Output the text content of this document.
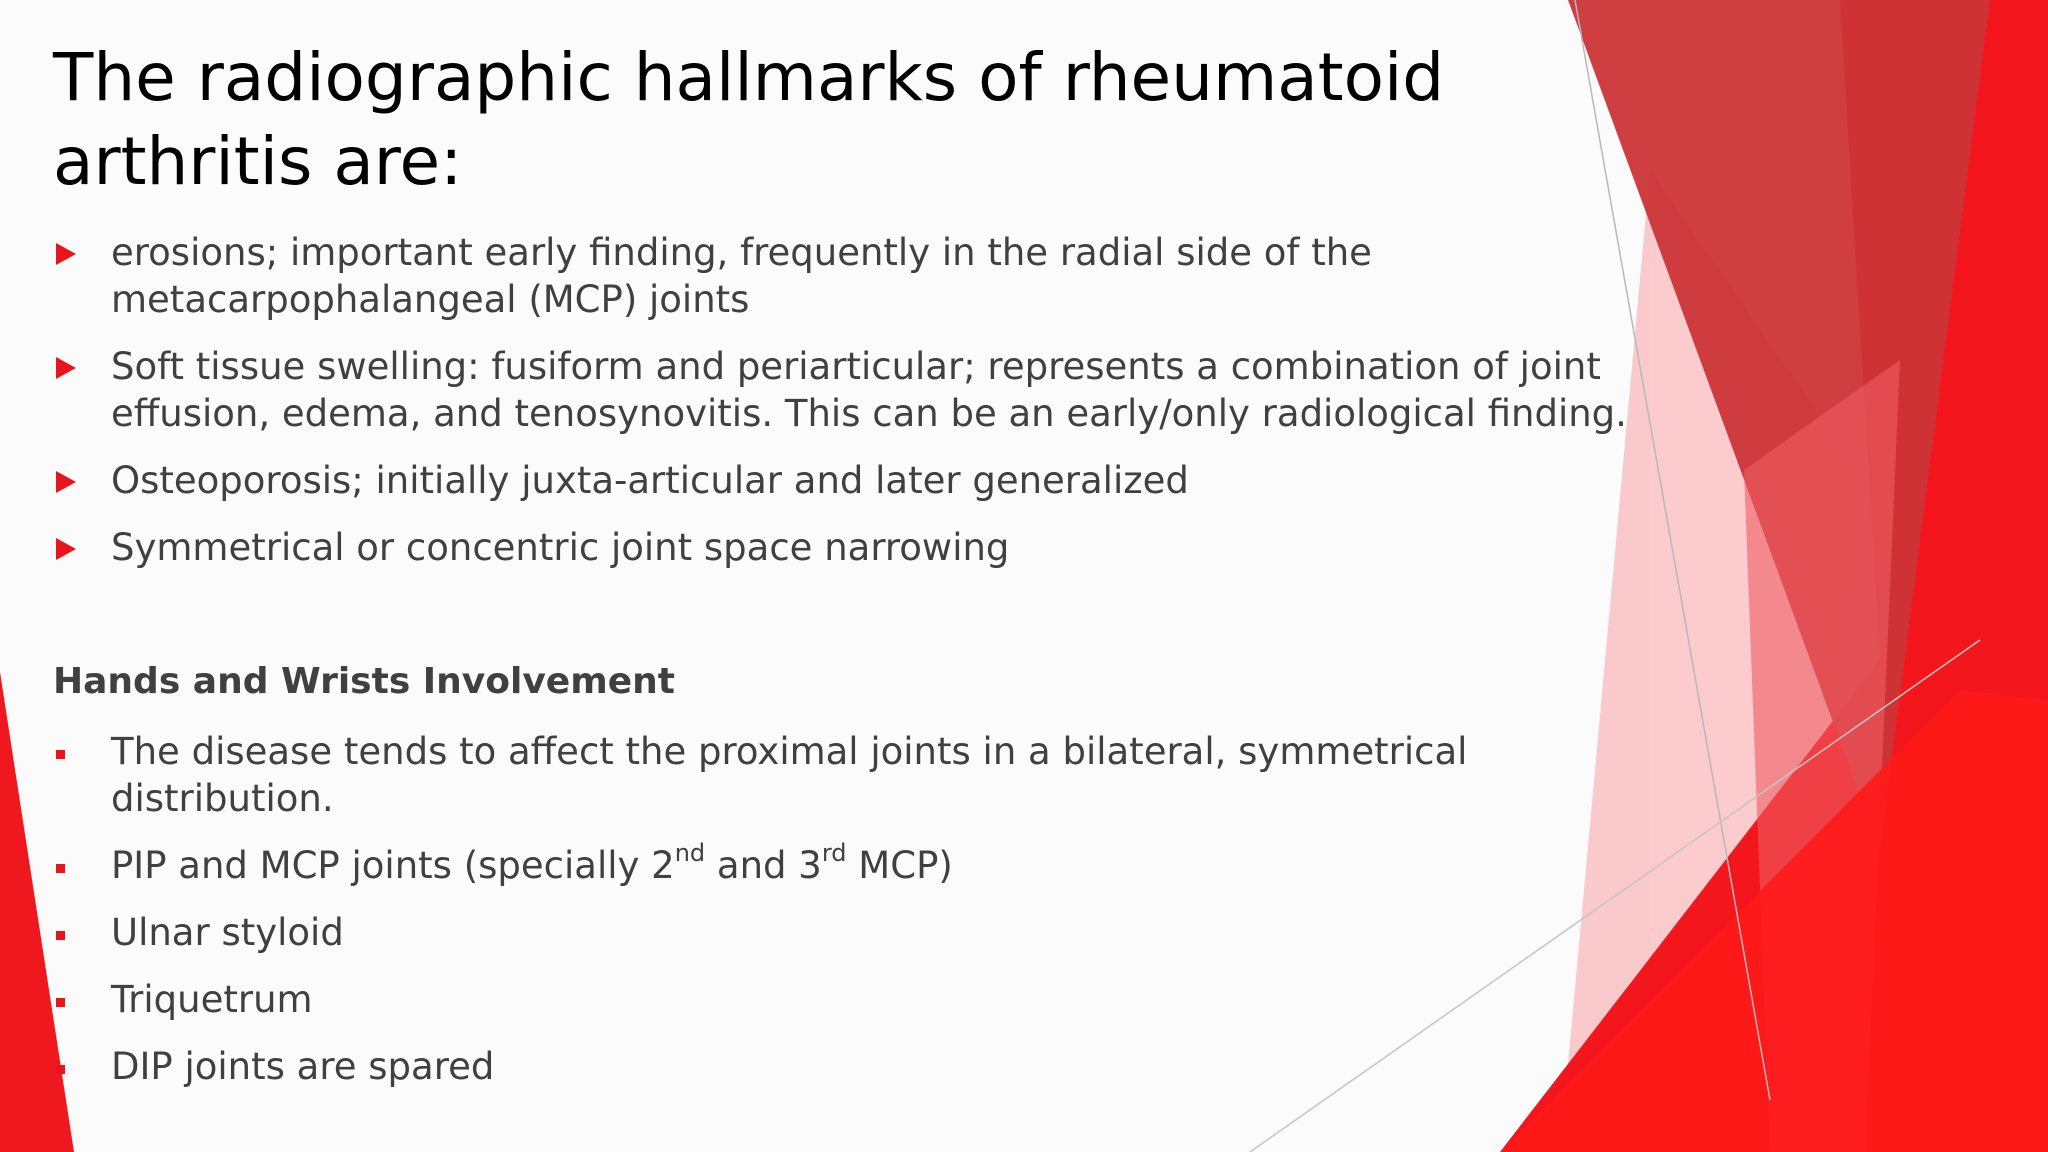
The radiographic hallmarks of rheumatoid arthritis are:
erosions; important early finding, frequently in the radial side of the metacarpophalangeal (MCP) joints
Soft tissue swelling: fusiform and periarticular; represents a combination of joint effusion, edema, and tenosynovitis. This can be an early/only radiological finding.
Osteoporosis; initially juxta-articular and later generalized
Symmetrical or concentric joint space narrowing
Hands and Wrists Involvement
The disease tends to affect the proximal joints in a bilateral, symmetrical distribution.
PIP and MCP joints (specially 2nd and 3rd MCP)
Ulnar styloid
Triquetrum
DIP joints are spared
